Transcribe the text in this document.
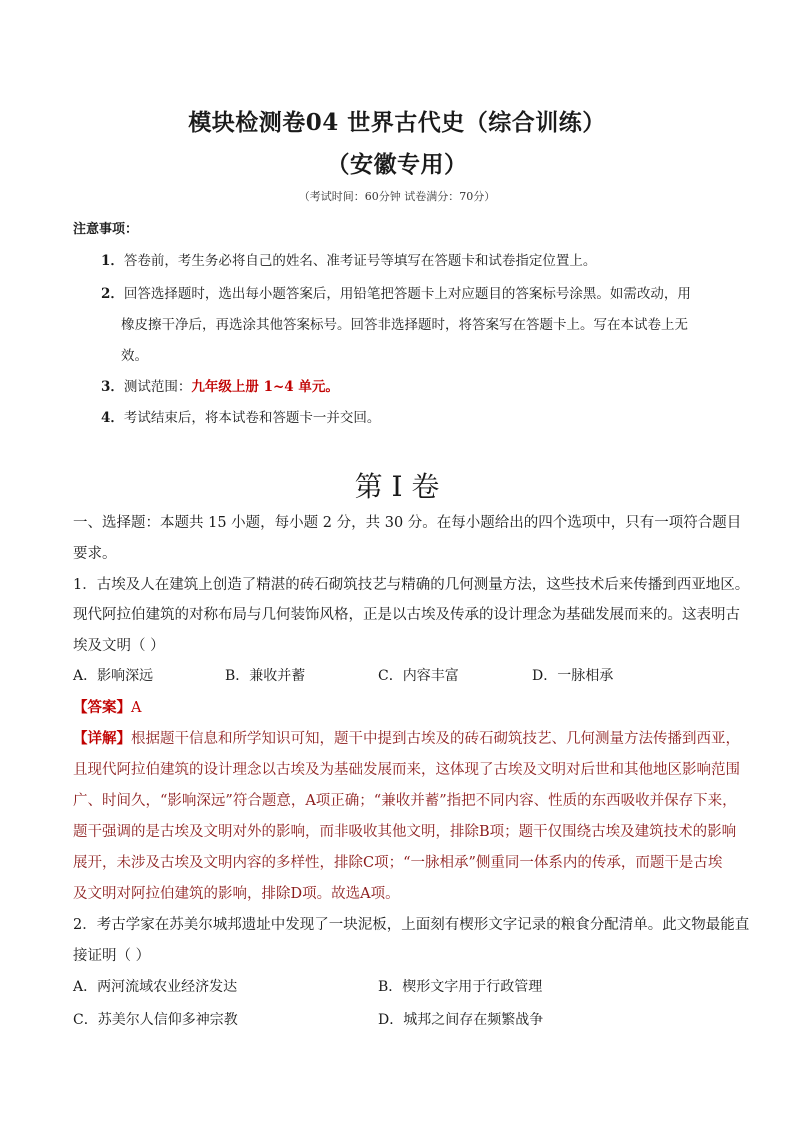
模块检测卷04 世界古代史（综合训练）
（安徽专用）
（考试时间：60分钟 试卷满分：70分）
注意事项：
1．答卷前，考生务必将自己的姓名、准考证号等填写在答题卡和试卷指定位置上。
2．回答选择题时，选出每小题答案后，用铅笔把答题卡上对应题目的答案标号涂黑。如需改动，用
橡皮擦干净后，再选涂其他答案标号。回答非选择题时，将答案写在答题卡上。写在本试卷上无
效。
3．测试范围：九年级上册 1~4 单元。
4．考试结束后，将本试卷和答题卡一并交回。
第 I 卷
一、选择题：本题共 15 小题，每小题 2 分，共 30 分。在每小题给出的四个选项中，只有一项符合题目
要求。
1．古埃及人在建筑上创造了精湛的砖石砌筑技艺与精确的几何测量方法，这些技术后来传播到西亚地区。
现代阿拉伯建筑的对称布局与几何装饰风格，正是以古埃及传承的设计理念为基础发展而来的。这表明古
埃及文明（ ）
A．影响深远	B．兼收并蓄	C．内容丰富	D．一脉相承
【答案】A
【详解】根据题干信息和所学知识可知，题干中提到古埃及的砖石砌筑技艺、几何测量方法传播到西亚，
且现代阿拉伯建筑的设计理念以古埃及为基础发展而来，这体现了古埃及文明对后世和其他地区影响范围
广、时间久，“影响深远”符合题意，A项正确；“兼收并蓄”指把不同内容、性质的东西吸收并保存下来，
题干强调的是古埃及文明对外的影响，而非吸收其他文明，排除B项；题干仅围绕古埃及建筑技术的影响
展开，未涉及古埃及文明内容的多样性，排除C项；“一脉相承”侧重同一体系内的传承，而题干是古埃
及文明对阿拉伯建筑的影响，排除D项。故选A项。
2．考古学家在苏美尔城邦遗址中发现了一块泥板，上面刻有楔形文字记录的粮食分配清单。此文物最能直
接证明（ ）
A．两河流域农业经济发达	B．楔形文字用于行政管理
C．苏美尔人信仰多神宗教	D．城邦之间存在频繁战争
